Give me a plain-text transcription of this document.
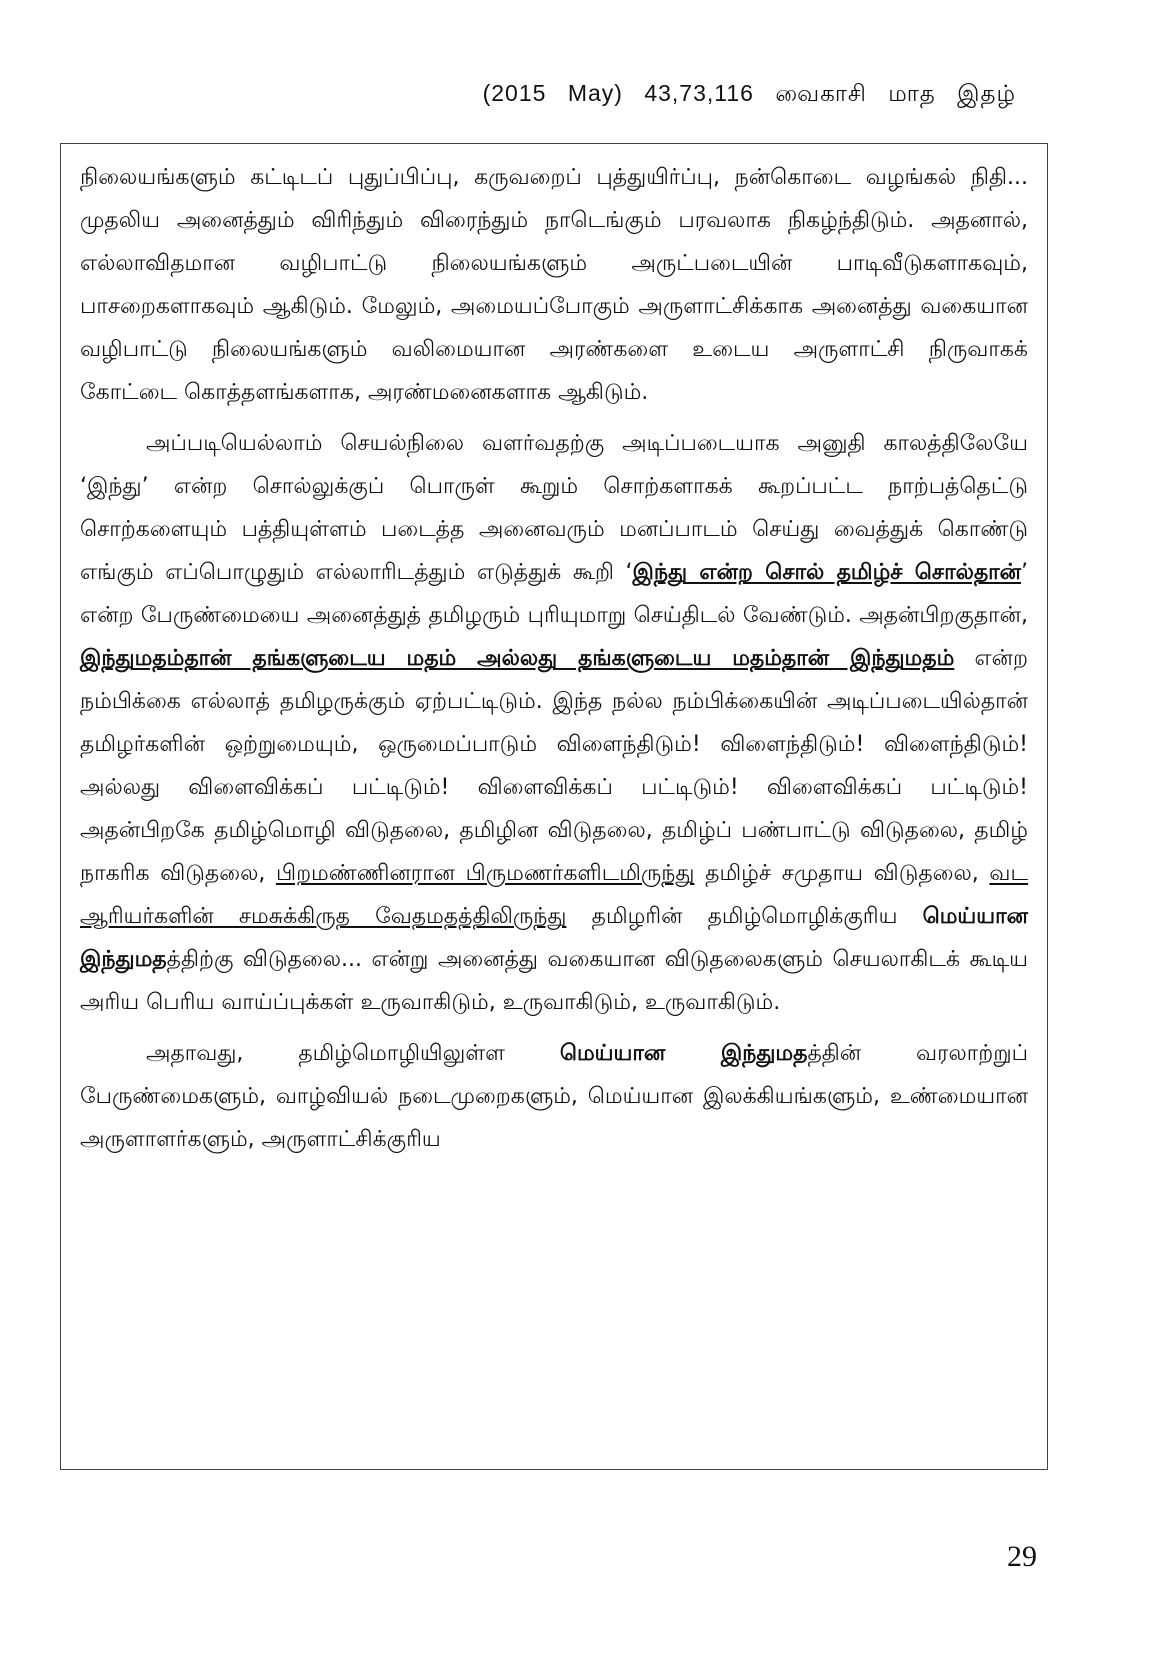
(2015 May) 43,73,116 வைகாசி மாத இதழ்

நிலையங்களும் கட்டிடப் புதுப்பிப்பு, கருவறைப் புத்துயிர்ப்பு, நன்கொடை வழங்கல் நிதி... முதலிய அனைத்தும் விரிந்தும் விரைந்தும் நாடெங்கும் பரவலாக நிகழ்ந்திடும். அதனால், எல்லாவிதமான வழிபாட்டு நிலையங்களும் அருட்படையின் பாடிவீடுகளாகவும், பாசறைகளாகவும் ஆகிடும். மேலும், அமையப்போகும் அருளாட்சிக்காக அனைத்து வகையான வழிபாட்டு நிலையங்களும் வலிமையான அரண்களை உடைய அருளாட்சி நிருவாகக் கோட்டை கொத்தளங்களாக, அரண்மனைகளாக ஆகிடும்.

அப்படியெல்லாம் செயல்நிலை வளர்வதற்கு அடிப்படையாக அனுதி காலத்திலேயே ‘இந்து’ என்ற சொல்லுக்குப் பொருள் கூறும் சொற்களாகக் கூறப்பட்ட நாற்பத்தெட்டு சொற்களையும் பத்தியுள்ளம் படைத்த அனைவரும் மனப்பாடம் செய்து வைத்துக் கொண்டு எங்கும் எப்பொழுதும் எல்லாரிடத்தும் எடுத்துக் கூறி ‘இந்து என்ற சொல் தமிழ்ச் சொல்தான்’ என்ற பேருண்மையை அனைத்துத் தமிழரும் புரியுமாறு செய்திடல் வேண்டும். அதன்பிறகுதான், இந்துமதம்தான் தங்களுடைய மதம் அல்லது தங்களுடைய மதம்தான் இந்துமதம் என்ற நம்பிக்கை எல்லாத் தமிழருக்கும் ஏற்பட்டிடும். இந்த நல்ல நம்பிக்கையின் அடிப்படையில்தான் தமிழர்களின் ஒற்றுமையும், ஒருமைப்பாடும் விளைந்திடும்! விளைந்திடும்! விளைந்திடும்! அல்லது விளைவிக்கப் பட்டிடும்! விளைவிக்கப் பட்டிடும்! விளைவிக்கப் பட்டிடும்! அதன்பிறகே தமிழ்மொழி விடுதலை, தமிழின விடுதலை, தமிழ்ப் பண்பாட்டு விடுதலை, தமிழ் நாகரிக விடுதலை, பிறமண்ணினரான பிருமணர்களிடமிருந்து தமிழ்ச் சமுதாய விடுதலை, வட ஆரியர்களின் சமசுக்கிருத வேதமதத்திலிருந்து தமிழரின் தமிழ்மொழிக்குரிய மெய்யான இந்துமதத்திற்கு விடுதலை... என்று அனைத்து வகையான விடுதலைகளும் செயலாகிடக் கூடிய அரிய பெரிய வாய்ப்புக்கள் உருவாகிடும், உருவாகிடும், உருவாகிடும்.

அதாவது, தமிழ்மொழியிலுள்ள மெய்யான இந்துமதத்தின் வரலாற்றுப் பேருண்மைகளும், வாழ்வியல் நடைமுறைகளும், மெய்யான இலக்கியங்களும், உண்மையான அருளாளர்களும், அருளாட்சிக்குரிய

29
